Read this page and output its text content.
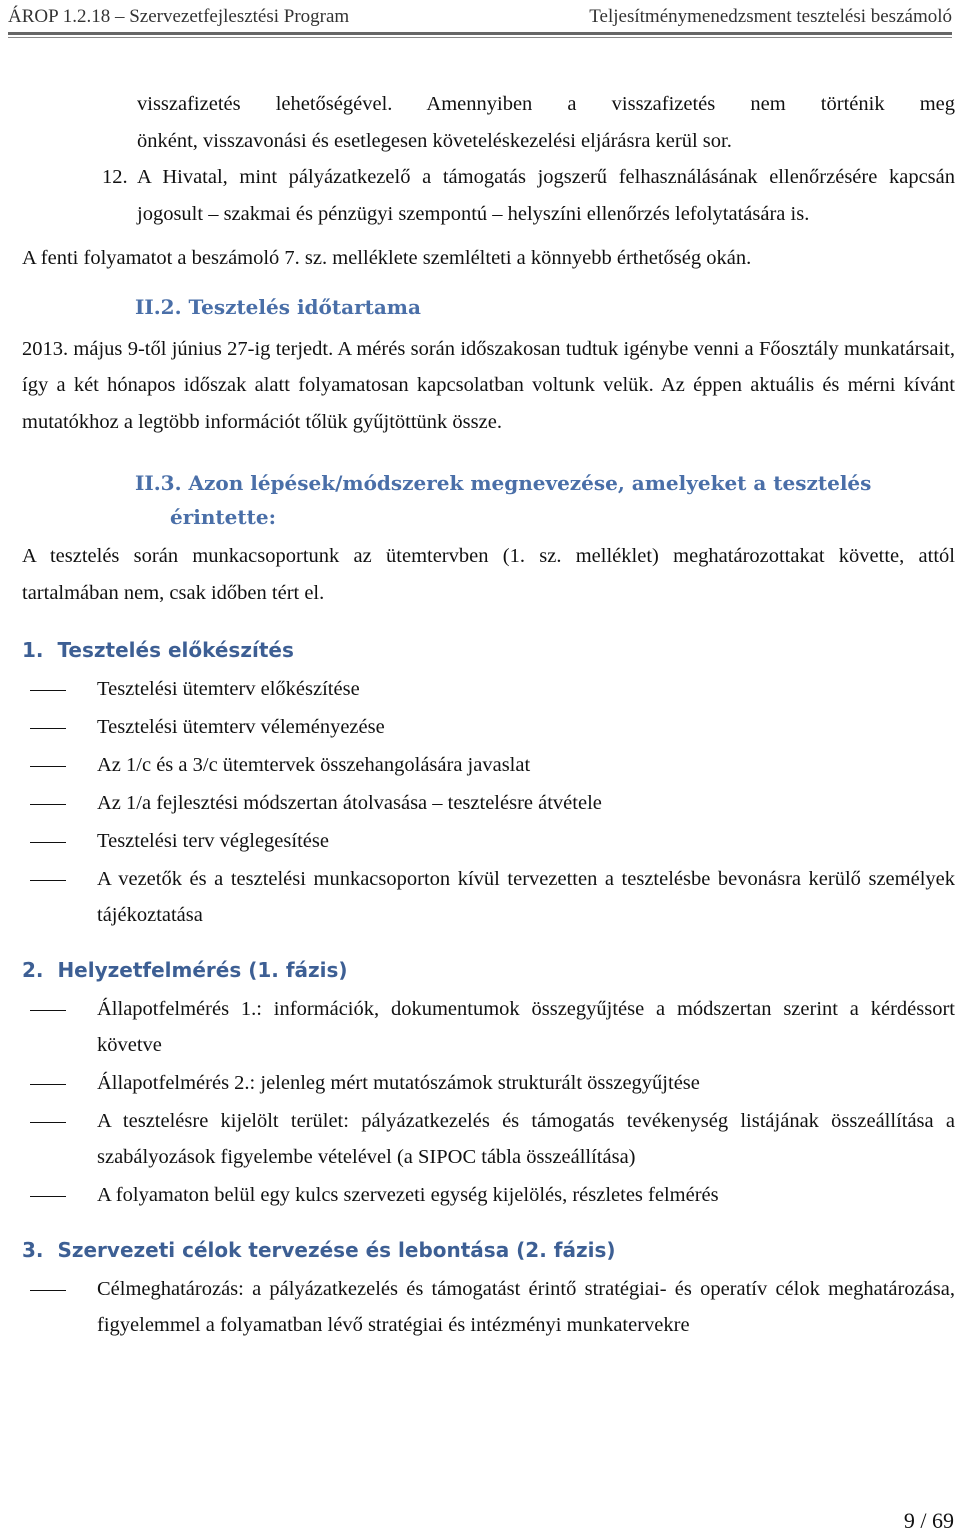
ÁROP 1.2.18 – Szervezetfejlesztési Program	Teljesítménymenedzsment tesztelési beszámoló

visszafizetés lehetőségével. Amennyiben a visszafizetés nem történik meg

önként, visszavonási és esetlegesen követeléskezelési eljárásra kerül sor.

12. A Hivatal, mint pályázatkezelő a támogatás jogszerű felhasználásának ellenőrzésére kapcsán jogosult – szakmai és pénzügyi szempontú – helyszíni ellenőrzés lefolytatására is.

A fenti folyamatot a beszámoló 7. sz. melléklete szemlélteti a könnyebb érthetőség okán.

II.2. Tesztelés időtartama

2013. május 9-től június 27-ig terjedt. A mérés során időszakosan tudtuk igénybe venni a Főosztály munkatársait, így a két hónapos időszak alatt folyamatosan kapcsolatban voltunk velük. Az éppen aktuális és mérni kívánt mutatókhoz a legtöbb információt tőlük gyűjtöttünk össze.

II.3. Azon lépések/módszerek megnevezése, amelyeket a tesztelés
érintette:

A tesztelés során munkacsoportunk az ütemtervben (1. sz. melléklet) meghatározottakat követte, attól tartalmában nem, csak időben tért el.

1.  Tesztelés előkészítés
Tesztelési ütemterv előkészítése
Tesztelési ütemterv véleményezése
Az 1/c és a 3/c ütemtervek összehangolására javaslat
Az 1/a fejlesztési módszertan átolvasása – tesztelésre átvétele
Tesztelési terv véglegesítése
A vezetők és a tesztelési munkacsoporton kívül tervezetten a tesztelésbe bevonásra kerülő személyek tájékoztatása
2.  Helyzetfelmérés (1. fázis)
Állapotfelmérés 1.: információk, dokumentumok összegyűjtése a módszertan szerint a kérdéssort követve
Állapotfelmérés 2.: jelenleg mért mutatószámok strukturált összegyűjtése
A tesztelésre kijelölt terület: pályázatkezelés és támogatás tevékenység listájának összeállítása a szabályozások figyelembe vételével (a SIPOC tábla összeállítása)
A folyamaton belül egy kulcs szervezeti egység kijelölés, részletes felmérés
3.  Szervezeti célok tervezése és lebontása (2. fázis)
Célmeghatározás: a pályázatkezelés és támogatást érintő stratégiai- és operatív célok meghatározása, figyelemmel a folyamatban lévő stratégiai és intézményi munkatervekre
9 / 69
